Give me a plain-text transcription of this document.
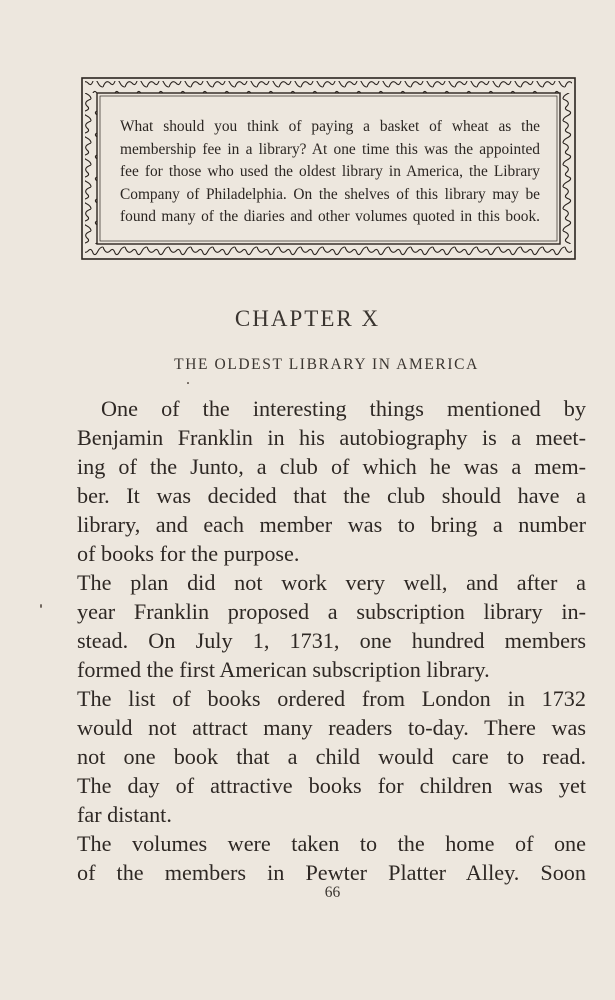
What should you think of paying a basket of wheat as the
membership fee in a library? At one time this was the appointed
fee for those who used the oldest library in America, the Library
Company of Philadelphia. On the shelves of this library may be
found many of the diaries and other volumes quoted in this book.
CHAPTER X
THE OLDEST LIBRARY IN AMERICA
One of the interesting things mentioned by
Benjamin Franklin in his autobiography is a meet-
ing of the Junto, a club of which he was a mem-
ber. It was decided that the club should have a
library, and each member was to bring a number
of books for the purpose.
The plan did not work very well, and after a
year Franklin proposed a subscription library in-
stead. On July 1, 1731, one hundred members
formed the first American subscription library.
The list of books ordered from London in 1732
would not attract many readers to-day. There was
not one book that a child would care to read.
The day of attractive books for children was yet
far distant.
The volumes were taken to the home of one
of the members in Pewter Platter Alley. Soon
66
